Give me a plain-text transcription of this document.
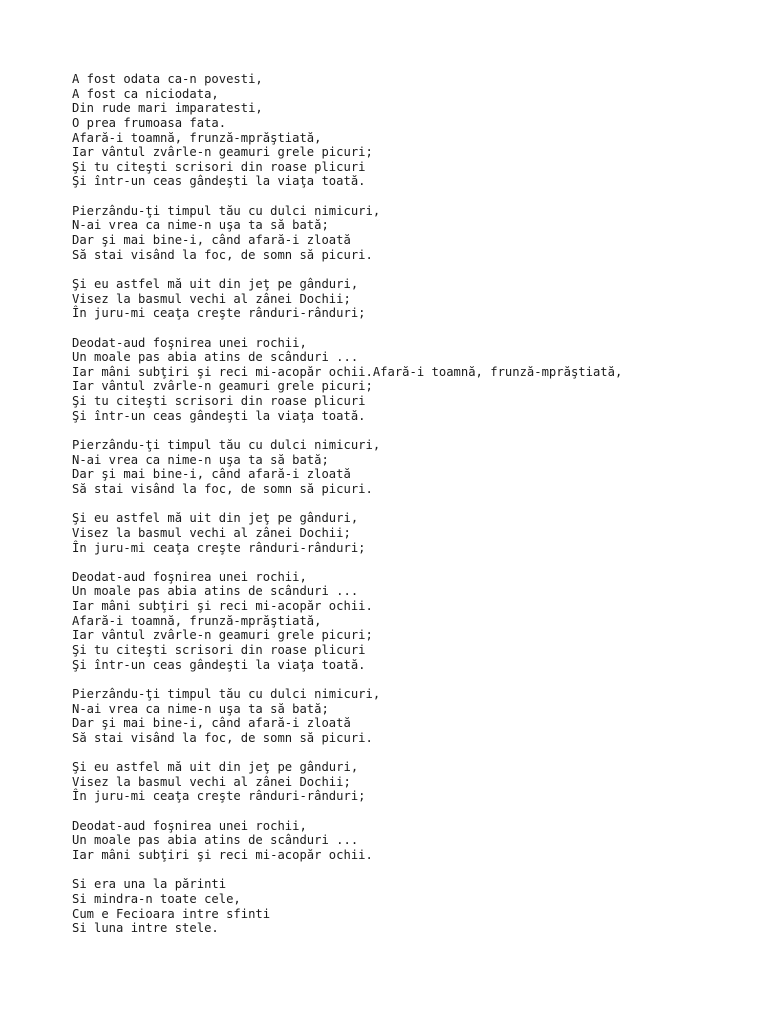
A fost odata ca-n povesti,
A fost ca niciodata,
Din rude mari imparatesti,
O prea frumoasa fata.
Afară-i toamnă, frunză-mprăştiată,
Iar vântul zvârle-n geamuri grele picuri;
Şi tu citeşti scrisori din roase plicuri
Şi într-un ceas gândeşti la viaţa toată.
Pierzându-ţi timpul tău cu dulci nimicuri,
N-ai vrea ca nime-n uşa ta să bată;
Dar şi mai bine-i, când afară-i zloată
Să stai visând la foc, de somn să picuri.
Şi eu astfel mă uit din jeţ pe gânduri,
Visez la basmul vechi al zânei Dochii;
În juru-mi ceaţa creşte rânduri-rânduri;
Deodat-aud foşnirea unei rochii,
Un moale pas abia atins de scânduri ...
Iar mâni subţiri şi reci mi-acopăr ochii.Afară-i toamnă, frunză-mprăştiată,
Iar vântul zvârle-n geamuri grele picuri;
Şi tu citeşti scrisori din roase plicuri
Şi într-un ceas gândeşti la viaţa toată.
Pierzându-ţi timpul tău cu dulci nimicuri,
N-ai vrea ca nime-n uşa ta să bată;
Dar şi mai bine-i, când afară-i zloată
Să stai visând la foc, de somn să picuri.
Şi eu astfel mă uit din jeţ pe gânduri,
Visez la basmul vechi al zânei Dochii;
În juru-mi ceaţa creşte rânduri-rânduri;
Deodat-aud foşnirea unei rochii,
Un moale pas abia atins de scânduri ...
Iar mâni subţiri şi reci mi-acopăr ochii.
Afară-i toamnă, frunză-mprăştiată,
Iar vântul zvârle-n geamuri grele picuri;
Şi tu citeşti scrisori din roase plicuri
Şi într-un ceas gândeşti la viaţa toată.
Pierzându-ţi timpul tău cu dulci nimicuri,
N-ai vrea ca nime-n uşa ta să bată;
Dar şi mai bine-i, când afară-i zloată
Să stai visând la foc, de somn să picuri.
Şi eu astfel mă uit din jeţ pe gânduri,
Visez la basmul vechi al zânei Dochii;
În juru-mi ceaţa creşte rânduri-rânduri;
Deodat-aud foşnirea unei rochii,
Un moale pas abia atins de scânduri ...
Iar mâni subţiri şi reci mi-acopăr ochii.
Si era una la părinti
Si mindra-n toate cele,
Cum e Fecioara intre sfinti
Si luna intre stele.
